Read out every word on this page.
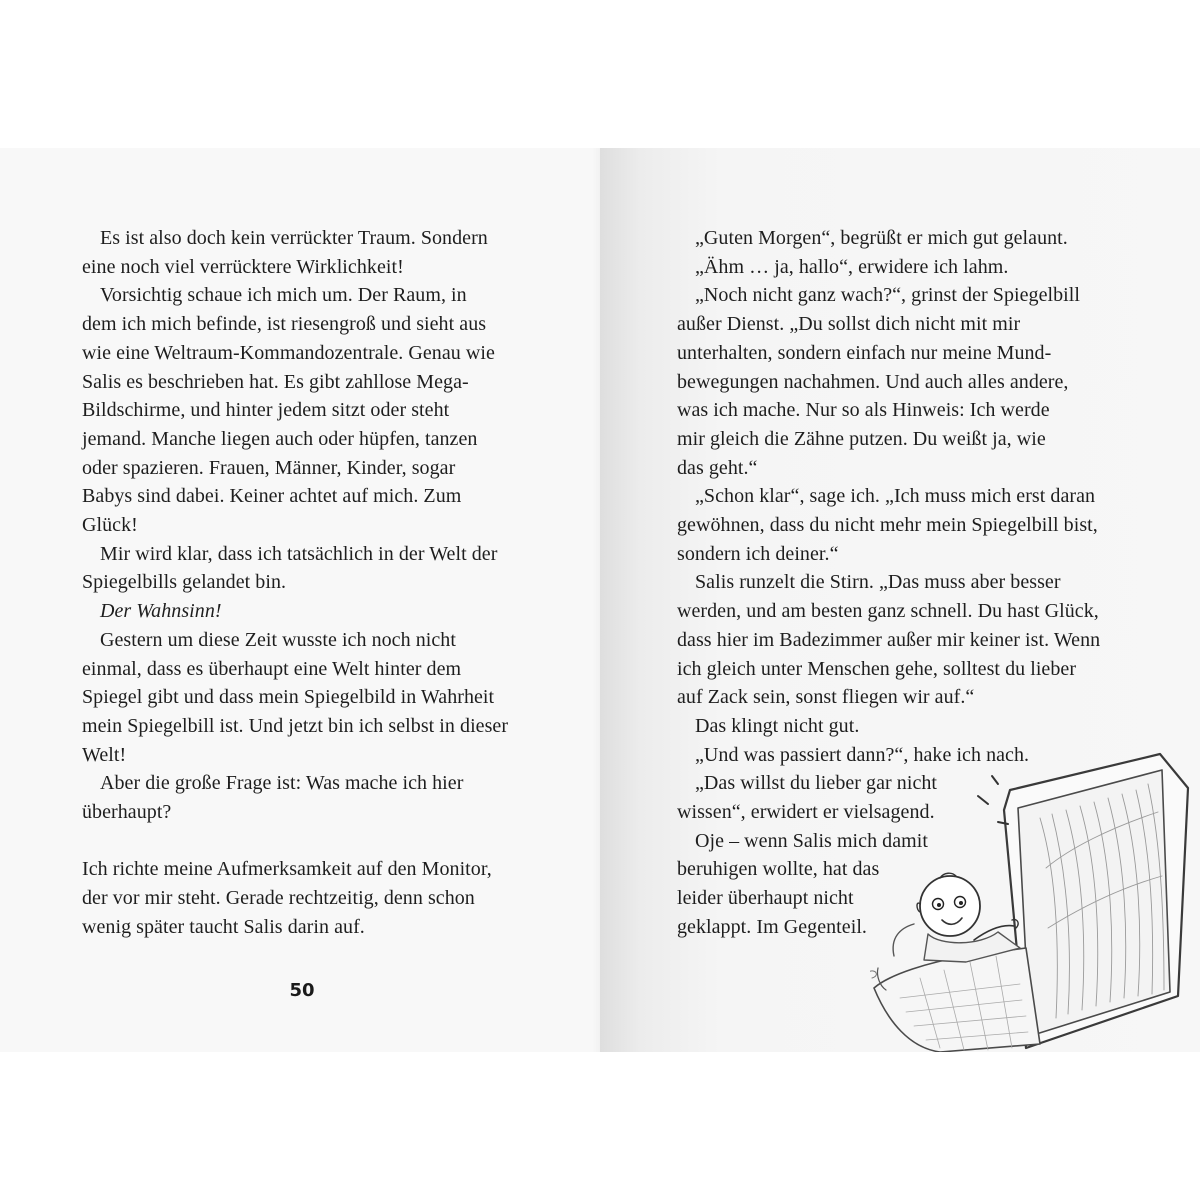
Es ist also doch kein verrückter Traum. Sondern

eine noch viel verrücktere Wirklichkeit!

Vorsichtig schaue ich mich um. Der Raum, in

dem ich mich befinde, ist riesengroß und sieht aus

wie eine Weltraum-Kommandozentrale. Genau wie

Salis es beschrieben hat. Es gibt zahllose Mega-

Bildschirme, und hinter jedem sitzt oder steht

jemand. Manche liegen auch oder hüpfen, tanzen

oder spazieren. Frauen, Männer, Kinder, sogar

Babys sind dabei. Keiner achtet auf mich. Zum

Glück!

Mir wird klar, dass ich tatsächlich in der Welt der

Spiegelbills gelandet bin.

Der Wahnsinn!

Gestern um diese Zeit wusste ich noch nicht

einmal, dass es überhaupt eine Welt hinter dem

Spiegel gibt und dass mein Spiegelbild in Wahrheit

mein Spiegelbill ist. Und jetzt bin ich selbst in dieser

Welt!

Aber die große Frage ist: Was mache ich hier

überhaupt?

Ich richte meine Aufmerksamkeit auf den Monitor,

der vor mir steht. Gerade rechtzeitig, denn schon

wenig später taucht Salis darin auf.

50

„Guten Morgen“, begrüßt er mich gut gelaunt.

„Ähm … ja, hallo“, erwidere ich lahm.

„Noch nicht ganz wach?“, grinst der Spiegelbill

außer Dienst. „Du sollst dich nicht mit mir

unterhalten, sondern einfach nur meine Mund-

bewegungen nachahmen. Und auch alles andere,

was ich mache. Nur so als Hinweis: Ich werde

mir gleich die Zähne putzen. Du weißt ja, wie

das geht.“

„Schon klar“, sage ich. „Ich muss mich erst daran

gewöhnen, dass du nicht mehr mein Spiegelbill bist,

sondern ich deiner.“

Salis runzelt die Stirn. „Das muss aber besser

werden, und am besten ganz schnell. Du hast Glück,

dass hier im Badezimmer außer mir keiner ist. Wenn

ich gleich unter Menschen gehe, solltest du lieber

auf Zack sein, sonst fliegen wir auf.“

Das klingt nicht gut.

„Und was passiert dann?“, hake ich nach.

„Das willst du lieber gar nicht

wissen“, erwidert er vielsagend.

Oje – wenn Salis mich damit

beruhigen wollte, hat das

leider überhaupt nicht

geklappt. Im Gegenteil.
